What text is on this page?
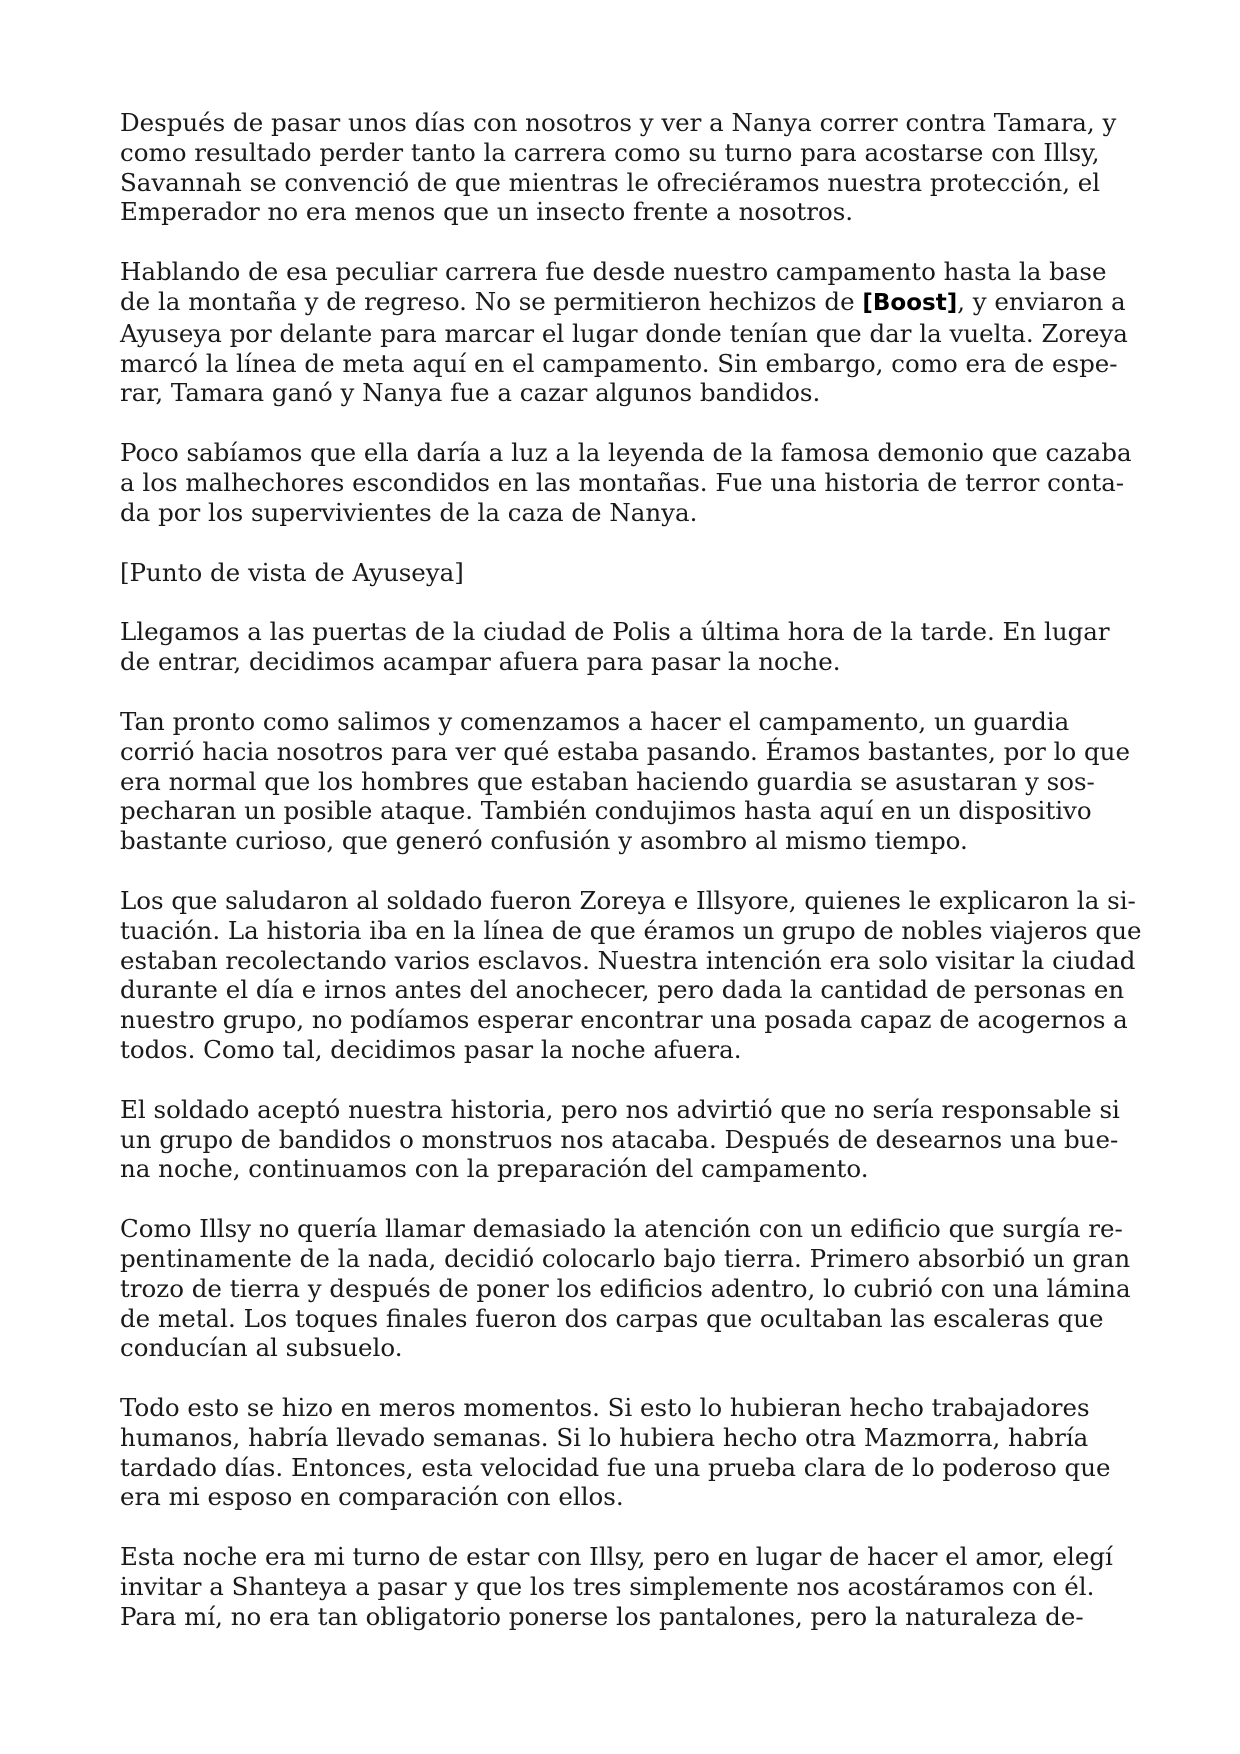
Después de pasar unos días con nosotros y ver a Nanya correr contra Tamara, y
como resultado perder tanto la carrera como su turno para acostarse con Illsy,
Savannah se convenció de que mientras le ofreciéramos nuestra protección, el
Emperador no era menos que un insecto frente a nosotros.

Hablando de esa peculiar carrera fue desde nuestro campamento hasta la base
de la montaña y de regreso. No se permitieron hechizos de [Boost], y enviaron a
Ayuseya por delante para marcar el lugar donde tenían que dar la vuelta. Zoreya
marcó la línea de meta aquí en el campamento. Sin embargo, como era de espe-
rar, Tamara ganó y Nanya fue a cazar algunos bandidos.

Poco sabíamos que ella daría a luz a la leyenda de la famosa demonio que cazaba
a los malhechores escondidos en las montañas. Fue una historia de terror conta-
da por los supervivientes de la caza de Nanya.

[Punto de vista de Ayuseya]

Llegamos a las puertas de la ciudad de Polis a última hora de la tarde. En lugar
de entrar, decidimos acampar afuera para pasar la noche.

Tan pronto como salimos y comenzamos a hacer el campamento, un guardia
corrió hacia nosotros para ver qué estaba pasando. Éramos bastantes, por lo que
era normal que los hombres que estaban haciendo guardia se asustaran y sos-
pecharan un posible ataque. También condujimos hasta aquí en un dispositivo
bastante curioso, que generó confusión y asombro al mismo tiempo.

Los que saludaron al soldado fueron Zoreya e Illsyore, quienes le explicaron la si-
tuación. La historia iba en la línea de que éramos un grupo de nobles viajeros que
estaban recolectando varios esclavos. Nuestra intención era solo visitar la ciudad
durante el día e irnos antes del anochecer, pero dada la cantidad de personas en
nuestro grupo, no podíamos esperar encontrar una posada capaz de acogernos a
todos. Como tal, decidimos pasar la noche afuera.

El soldado aceptó nuestra historia, pero nos advirtió que no sería responsable si
un grupo de bandidos o monstruos nos atacaba. Después de desearnos una bue-
na noche, continuamos con la preparación del campamento.

Como Illsy no quería llamar demasiado la atención con un edificio que surgía re-
pentinamente de la nada, decidió colocarlo bajo tierra. Primero absorbió un gran
trozo de tierra y después de poner los edificios adentro, lo cubrió con una lámina
de metal. Los toques finales fueron dos carpas que ocultaban las escaleras que
conducían al subsuelo.

Todo esto se hizo en meros momentos. Si esto lo hubieran hecho trabajadores
humanos, habría llevado semanas. Si lo hubiera hecho otra Mazmorra, habría
tardado días. Entonces, esta velocidad fue una prueba clara de lo poderoso que
era mi esposo en comparación con ellos.

Esta noche era mi turno de estar con Illsy, pero en lugar de hacer el amor, elegí
invitar a Shanteya a pasar y que los tres simplemente nos acostáramos con él.
Para mí, no era tan obligatorio ponerse los pantalones, pero la naturaleza de-
